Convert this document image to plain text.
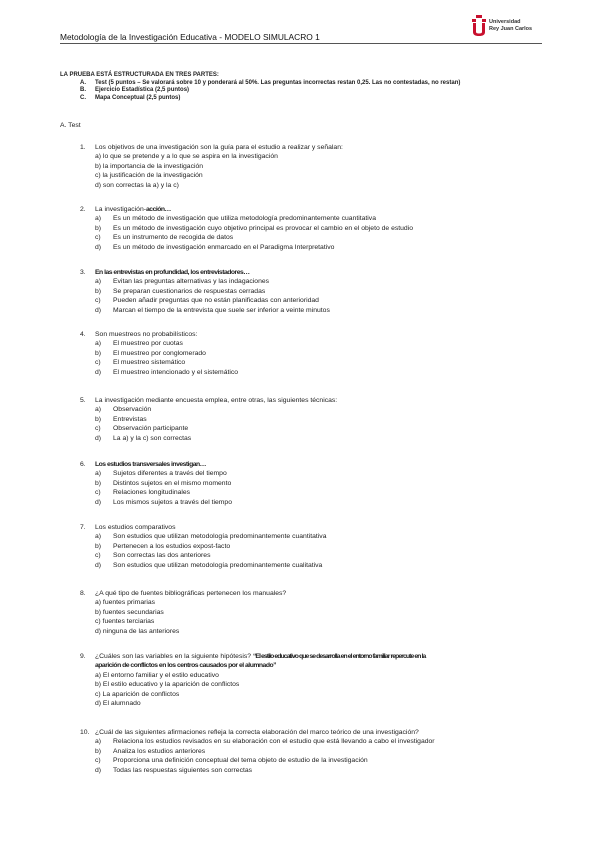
Metodología de la Investigación Educativa - MODELO SIMULACRO 1
Universidad
Rey Juan Carlos
LA PRUEBA ESTÁ ESTRUCTURADA EN TRES PARTES:
A. Test (5 puntos – Se valorará sobre 10 y ponderará al 50%. Las preguntas incorrectas restan 0,25. Las no contestadas, no restan)
B. Ejercicio Estadística (2,5 puntos)
C. Mapa Conceptual (2,5 puntos)
A. Test
1. Los objetivos de una investigación son la guía para el estudio a realizar y señalan:
a) lo que se pretende y a lo que se aspira en la investigación
b) la importancia de la investigación
c) la justificación de la investigación
d) son correctas la a) y la c)
2. La investigación-acción…
a) Es un método de investigación que utiliza metodología predominantemente cuantitativa
b) Es un método de investigación cuyo objetivo principal es provocar el cambio en el objeto de estudio
c) Es un instrumento de recogida de datos
d) Es un método de investigación enmarcado en el Paradigma Interpretativo
3. En las entrevistas en profundidad, los entrevistadores…
a) Evitan las preguntas alternativas y las indagaciones
b) Se preparan cuestionarios de respuestas cerradas
c) Pueden añadir preguntas que no están planificadas con anterioridad
d) Marcan el tiempo de la entrevista que suele ser inferior a veinte minutos
4. Son muestreos no probabilísticos:
a) El muestreo por cuotas
b) El muestreo por conglomerado
c) El muestreo sistemático
d) El muestreo intencionado y el sistemático
5. La investigación mediante encuesta emplea, entre otras, las siguientes técnicas:
a) Observación
b) Entrevistas
c) Observación participante
d) La a) y la c) son correctas
6. Los estudios transversales investigan…
a) Sujetos diferentes a través del tiempo
b) Distintos sujetos en el mismo momento
c) Relaciones longitudinales
d) Los mismos sujetos a través del tiempo
7. Los estudios comparativos
a) Son estudios que utilizan metodología predominantemente cuantitativa
b) Pertenecen a los estudios expost-facto
c) Son correctas las dos anteriores
d) Son estudios que utilizan metodología predominantemente cualitativa
8. ¿A qué tipo de fuentes bibliográficas pertenecen los manuales?
a) fuentes primarias
b) fuentes secundarias
c) fuentes terciarias
d) ninguna de las anteriores
9. ¿Cuáles son las variables en la siguiente hipótesis? “El estilo educativo que se desarrolla en el entorno familiar repercute en la
aparición de conflictos en los centros causados por el alumnado”
a) El entorno familiar y el estilo educativo
b) El estilo educativo y la aparición de conflictos
c) La aparición de conflictos
d) El alumnado
10. ¿Cuál de las siguientes afirmaciones refleja la correcta elaboración del marco teórico de una investigación?
a) Relaciona los estudios revisados en su elaboración con el estudio que está llevando a cabo el investigador
b) Analiza los estudios anteriores
c) Proporciona una definición conceptual del tema objeto de estudio de la investigación
d) Todas las respuestas siguientes son correctas
